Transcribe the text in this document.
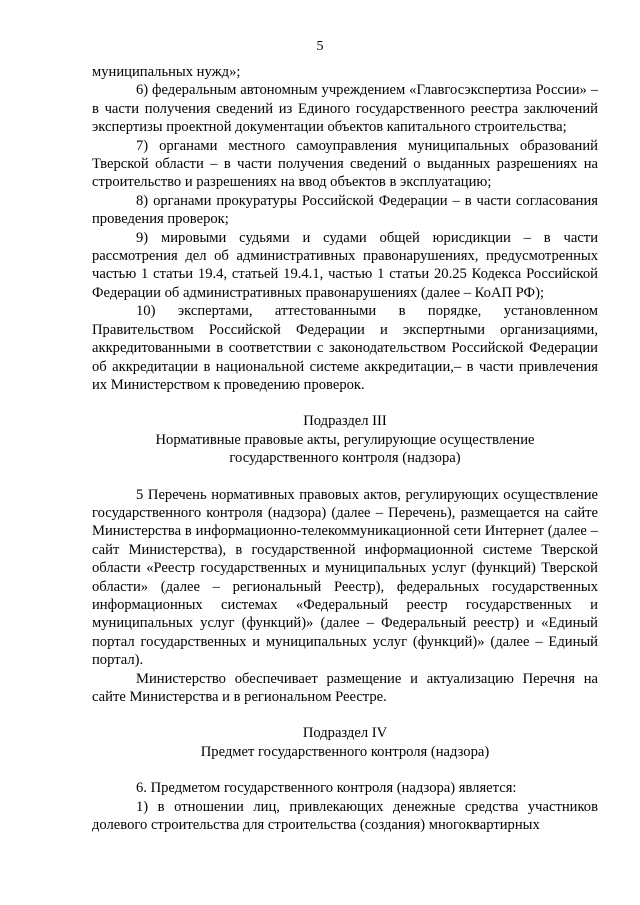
5

муниципальных нужд»;

6) федеральным автономным учреждением «Главгосэкспертиза России» – в части получения сведений из Единого государственного реестра заключений экспертизы проектной документации объектов капитального строительства;

7) органами местного самоуправления муниципальных образований Тверской области – в части получения сведений о выданных разрешениях на строительство и разрешениях на ввод объектов в эксплуатацию;

8) органами прокуратуры Российской Федерации – в части согласования проведения проверок;

9) мировыми судьями и судами общей юрисдикции – в части рассмотрения дел об административных правонарушениях, предусмотренных частью 1 статьи 19.4, статьей 19.4.1, частью 1 статьи 20.25 Кодекса Российской Федерации об административных правонарушениях (далее – КоАП РФ);

10) экспертами, аттестованными в порядке, установленном Правительством Российской Федерации и экспертными организациями, аккредитованными в соответствии с законодательством Российской Федерации об аккредитации в национальной системе аккредитации,– в части привлечения их Министерством к проведению проверок.

Подраздел III
Нормативные правовые акты, регулирующие осуществление
государственного контроля (надзора)

5 Перечень нормативных правовых актов, регулирующих осуществление государственного контроля (надзора) (далее – Перечень), размещается на сайте Министерства в информационно-телекоммуникационной сети Интернет (далее – сайт Министерства), в государственной информационной системе Тверской области «Реестр государственных и муниципальных услуг (функций) Тверской области» (далее – региональный Реестр), федеральных государственных информационных системах «Федеральный реестр государственных и муниципальных услуг (функций)» (далее – Федеральный реестр) и «Единый портал государственных и муниципальных услуг (функций)» (далее – Единый портал).

Министерство обеспечивает размещение и актуализацию Перечня на сайте Министерства и в региональном Реестре.

Подраздел IV
Предмет государственного контроля (надзора)

6. Предметом государственного контроля (надзора) является:

1) в отношении лиц, привлекающих денежные средства участников долевого строительства для строительства (создания) многоквартирных
